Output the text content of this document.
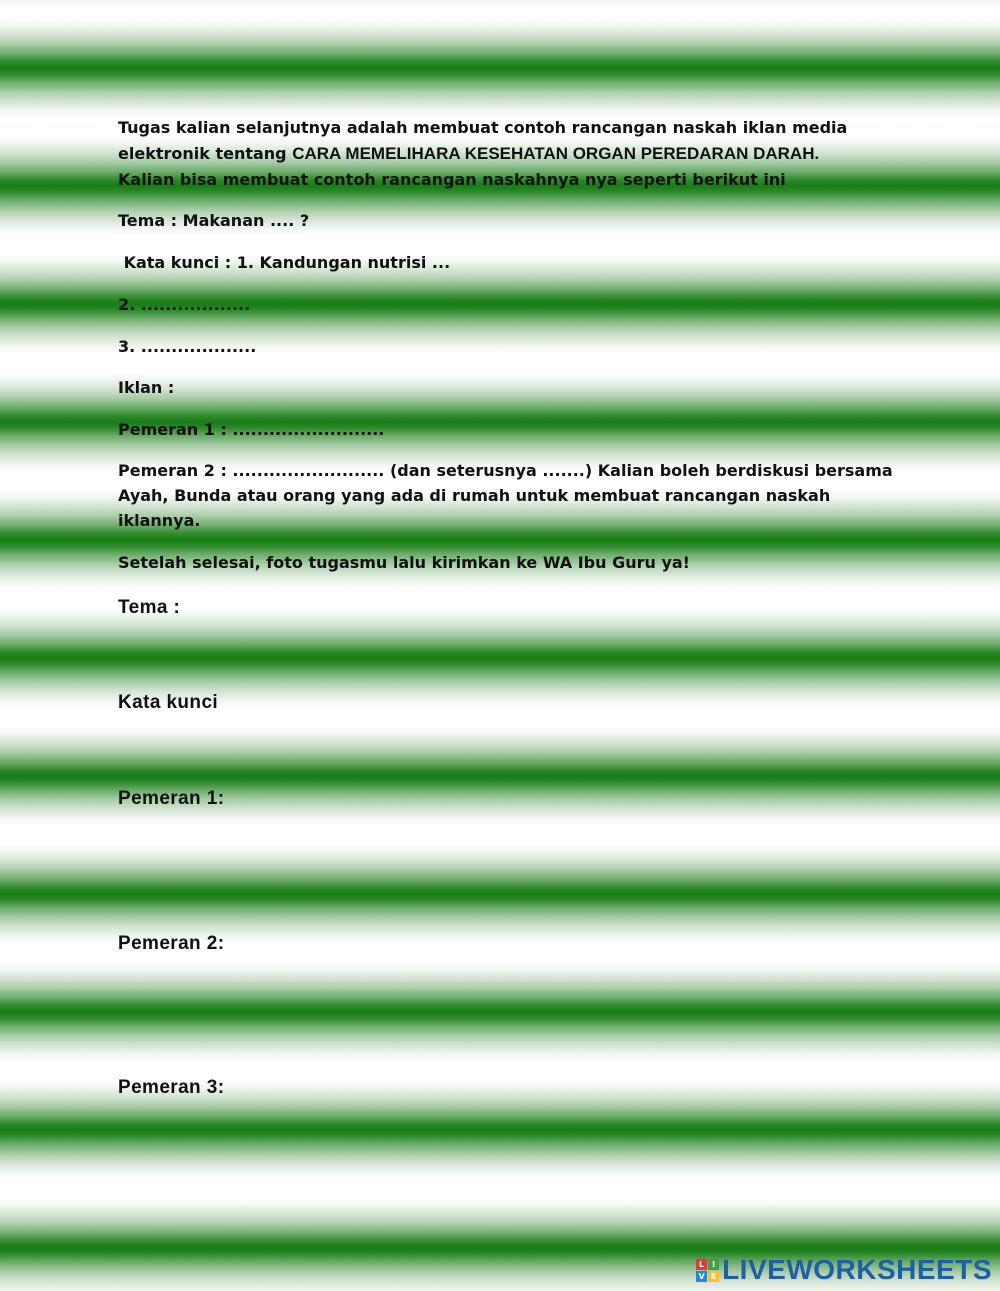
Tugas kalian selanjutnya adalah membuat contoh rancangan naskah iklan media
elektronik tentang CARA MEMELIHARA KESEHATAN ORGAN PEREDARAN DARAH.
Kalian bisa membuat contoh rancangan naskahnya nya seperti berikut ini
Tema : Makanan .... ?
Kata kunci : 1. Kandungan nutrisi ...
2. ..................
3. ...................
Iklan :
Pemeran 1 : .........................
Pemeran 2 : ......................... (dan seterusnya .......) Kalian boleh berdiskusi bersama
Ayah, Bunda atau orang yang ada di rumah untuk membuat rancangan naskah
iklannya.
Setelah selesai, foto tugasmu lalu kirimkan ke WA Ibu Guru ya!
Tema :
Kata kunci
Pemeran 1:
Pemeran 2:
Pemeran 3:
L I
V E LIVEWORKSHEETS
